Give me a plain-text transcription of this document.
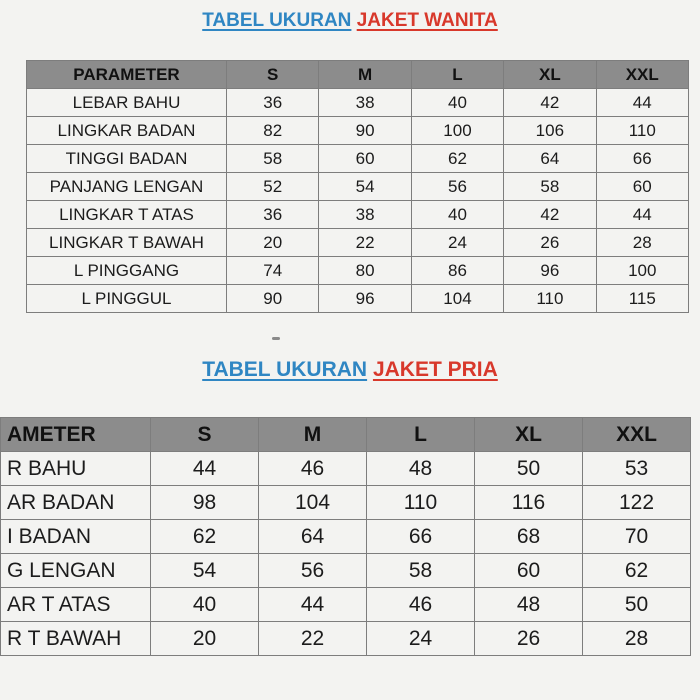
TABEL UKURAN JAKET WANITA
PARAMETER	S	M	L	XL	XXL
LEBAR BAHU	36	38	40	42	44
LINGKAR BADAN	82	90	100	106	110
TINGGI BADAN	58	60	62	64	66
PANJANG LENGAN	52	54	56	58	60
LINGKAR T ATAS	36	38	40	42	44
LINGKAR T BAWAH	20	22	24	26	28
L PINGGANG	74	80	86	96	100
L PINGGUL	90	96	104	110	115
TABEL UKURAN JAKET PRIA
AMETER	S	M	L	XL	XXL
R BAHU	44	46	48	50	53
AR BADAN	98	104	110	116	122
I BADAN	62	64	66	68	70
G LENGAN	54	56	58	60	62
AR T ATAS	40	44	46	48	50
R T BAWAH	20	22	24	26	28
